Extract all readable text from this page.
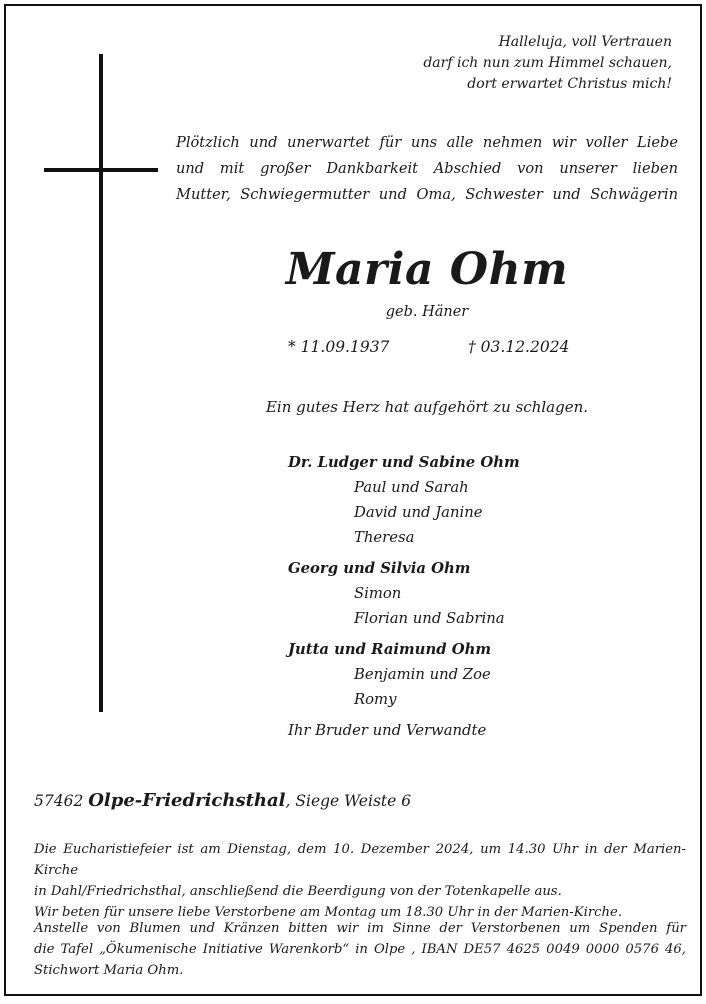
Halleluja, voll Vertrauen
darf ich nun zum Himmel schauen,
dort erwartet Christus mich!
Plötzlich und unerwartet für uns alle nehmen wir voller Liebe
und mit großer Dankbarkeit Abschied von unserer lieben
Mutter, Schwiegermutter und Oma, Schwester und Schwägerin
Maria Ohm
geb. Häner
* 11.09.1937	† 03.12.2024
Ein gutes Herz hat aufgehört zu schlagen.
Dr. Ludger und Sabine Ohm
Paul und Sarah
David und Janine
Theresa
Georg und Silvia Ohm
Simon
Florian und Sabrina
Jutta und Raimund Ohm
Benjamin und Zoe
Romy
Ihr Bruder und Verwandte
57462 Olpe-Friedrichsthal, Siege Weiste 6
Die Eucharistiefeier ist am Dienstag, dem 10. Dezember 2024, um 14.30 Uhr in der Marien-Kirche
in Dahl/Friedrichsthal, anschließend die Beerdigung von der Totenkapelle aus.
Wir beten für unsere liebe Verstorbene am Montag um 18.30 Uhr in der Marien-Kirche.
Anstelle von Blumen und Kränzen bitten wir im Sinne der Verstorbenen um Spenden für
die Tafel „Ökumenische Initiative Warenkorb“ in Olpe , IBAN DE57 4625 0049 0000 0576 46,
Stichwort Maria Ohm.
